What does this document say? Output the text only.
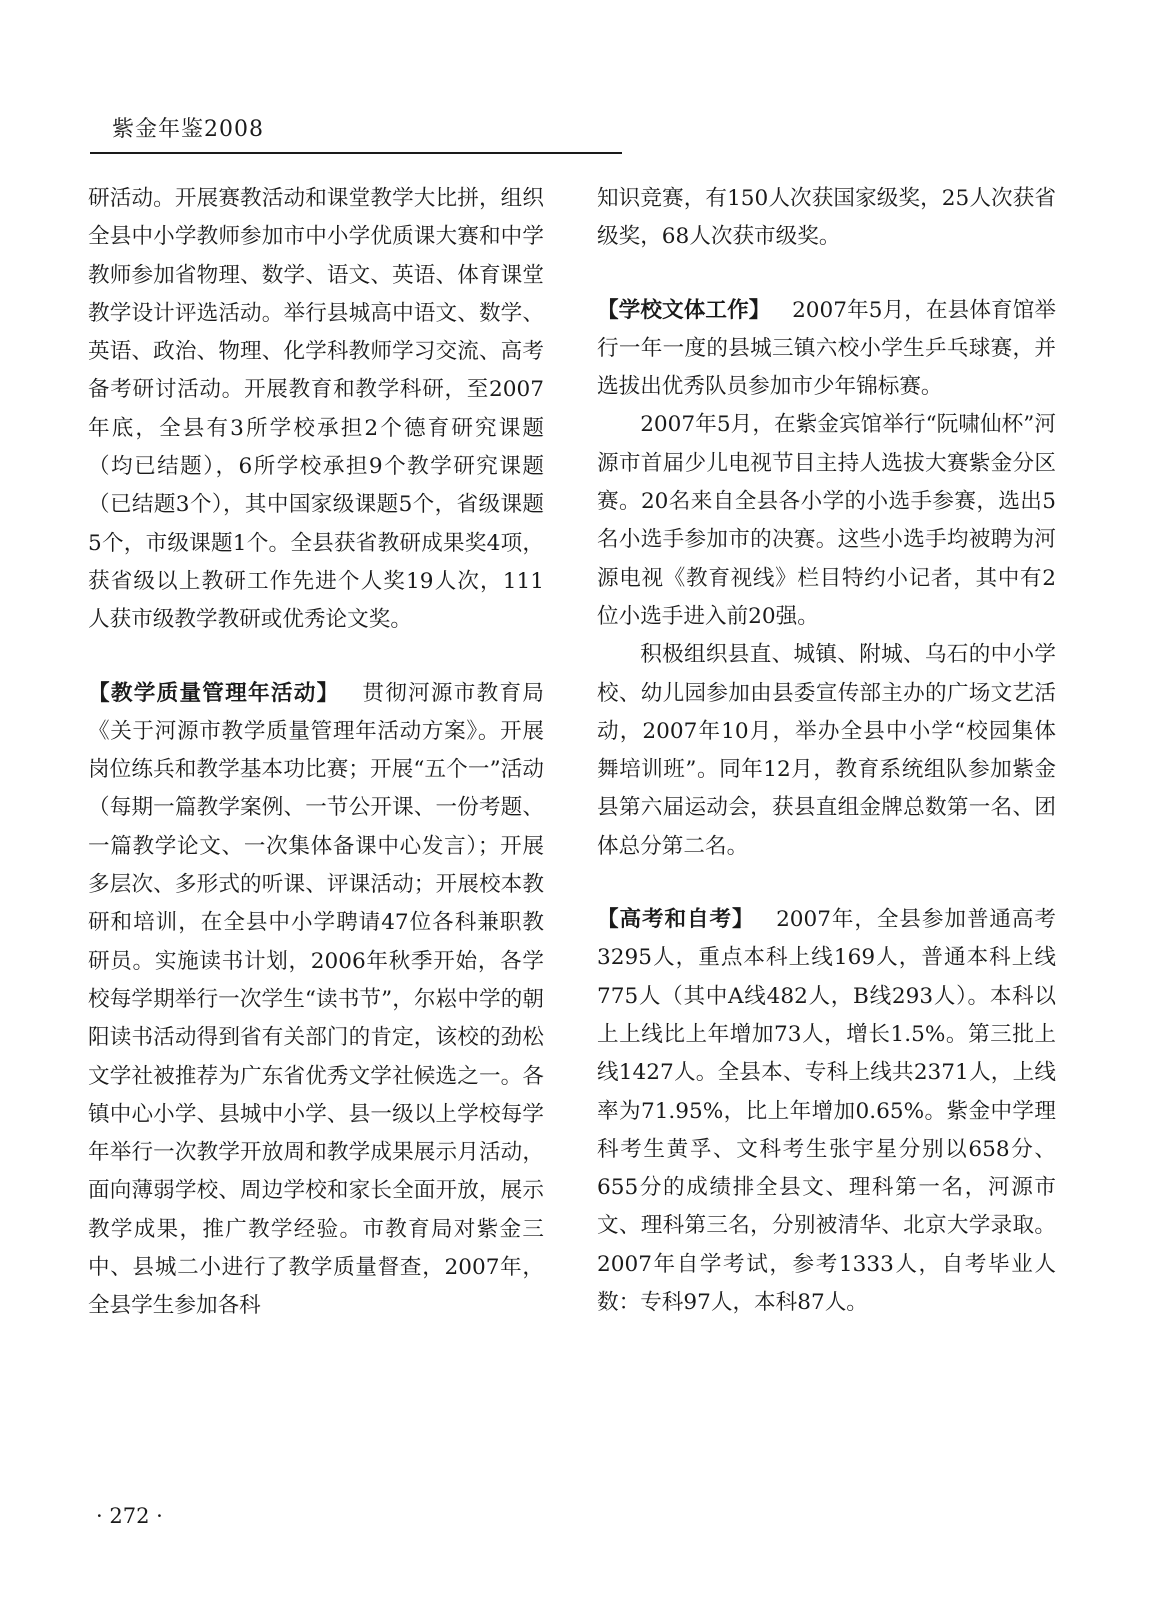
紫金年鉴2008

研活动。开展赛教活动和课堂教学大比拼，组织全县中小学教师参加市中小学优质课大赛和中学教师参加省物理、数学、语文、英语、体育课堂教学设计评选活动。举行县城高中语文、数学、英语、政治、物理、化学科教师学习交流、高考备考研讨活动。开展教育和教学科研，至2007年底，全县有3所学校承担2个德育研究课题（均已结题），6所学校承担9个教学研究课题（已结题3个），其中国家级课题5个，省级课题5个，市级课题1个。全县获省教研成果奖4项，获省级以上教研工作先进个人奖19人次，111人获市级教学教研或优秀论文奖。

【教学质量管理年活动】  贯彻河源市教育局《关于河源市教学质量管理年活动方案》。开展岗位练兵和教学基本功比赛；开展“五个一”活动（每期一篇教学案例、一节公开课、一份考题、一篇教学论文、一次集体备课中心发言）；开展多层次、多形式的听课、评课活动；开展校本教研和培训，在全县中小学聘请47位各科兼职教研员。实施读书计划，2006年秋季开始，各学校每学期举行一次学生“读书节”，尔崧中学的朝阳读书活动得到省有关部门的肯定，该校的劲松文学社被推荐为广东省优秀文学社候选之一。各镇中心小学、县城中小学、县一级以上学校每学年举行一次教学开放周和教学成果展示月活动，面向薄弱学校、周边学校和家长全面开放，展示教学成果，推广教学经验。市教育局对紫金三中、县城二小进行了教学质量督查，2007年，全县学生参加各科

知识竞赛，有150人次获国家级奖，25人次获省级奖，68人次获市级奖。

【学校文体工作】  2007年5月，在县体育馆举行一年一度的县城三镇六校小学生乒乓球赛，并选拔出优秀队员参加市少年锦标赛。

2007年5月，在紫金宾馆举行“阮啸仙杯”河源市首届少儿电视节目主持人选拔大赛紫金分区赛。20名来自全县各小学的小选手参赛，选出5名小选手参加市的决赛。这些小选手均被聘为河源电视《教育视线》栏目特约小记者，其中有2位小选手进入前20强。

积极组织县直、城镇、附城、乌石的中小学校、幼儿园参加由县委宣传部主办的广场文艺活动，2007年10月，举办全县中小学“校园集体舞培训班”。同年12月，教育系统组队参加紫金县第六届运动会，获县直组金牌总数第一名、团体总分第二名。

【高考和自考】  2007年，全县参加普通高考3295人，重点本科上线169人，普通本科上线775人（其中A线482人，B线293人）。本科以上上线比上年增加73人，增长1.5%。第三批上线1427人。全县本、专科上线共2371人，上线率为71.95%，比上年增加0.65%。紫金中学理科考生黄孚、文科考生张宇星分别以658分、655分的成绩排全县文、理科第一名，河源市文、理科第三名，分别被清华、北京大学录取。2007年自学考试，参考1333人，自考毕业人数：专科97人，本科87人。

· 272 ·
